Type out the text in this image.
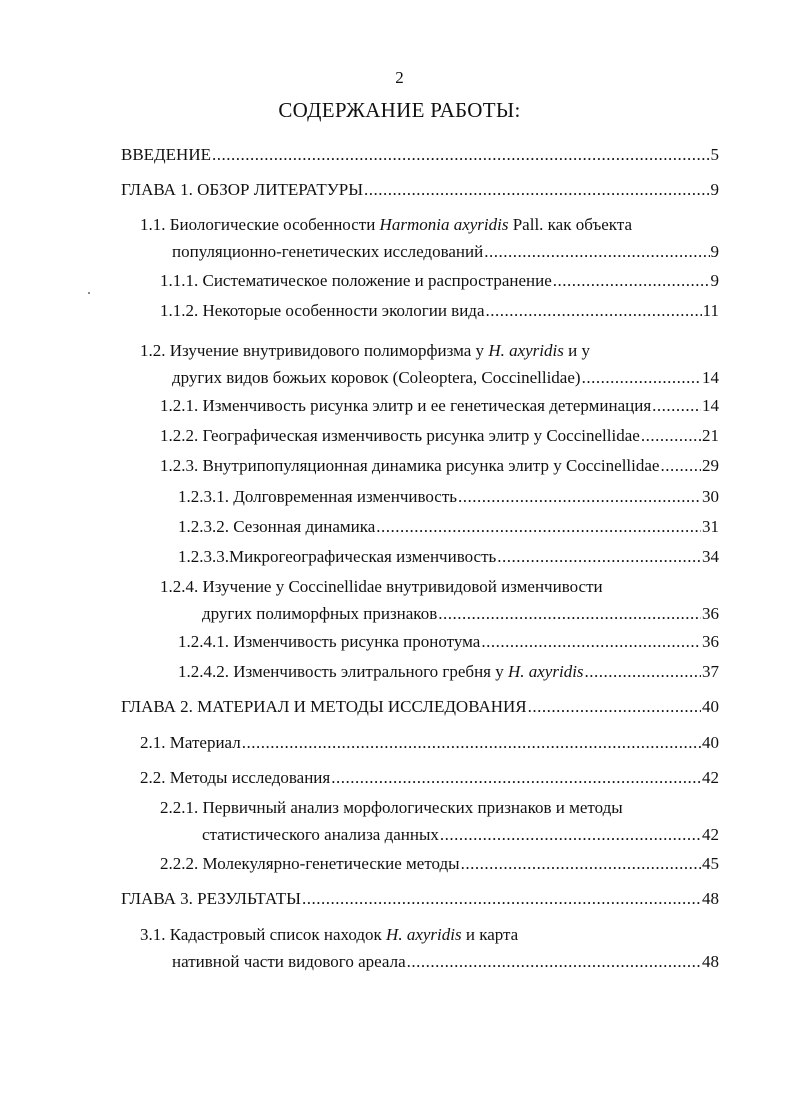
2
СОДЕРЖАНИЕ РАБОТЫ:
ВВЕДЕНИЕ .....	5
ГЛАВА 1. ОБЗОР ЛИТЕРАТУРЫ .....	9
1.1. Биологические особенности Harmonia axyridis Pall. как объекта
популяционно-генетических исследований .....	9
1.1.1. Систематическое положение и распространение .....	9
1.1.2. Некоторые особенности экологии вида .....	11
1.2. Изучение внутривидового полиморфизма у H. axyridis и у
других видов божьих коровок (Coleoptera, Coccinellidae) .....	14
1.2.1. Изменчивость рисунка элитр и ее генетическая детерминация .....	14
1.2.2. Географическая изменчивость рисунка элитр у Coccinellidae .....	21
1.2.3. Внутрипопуляционная динамика рисунка элитр у Coccinellidae .....	29
1.2.3.1. Долговременная изменчивость .....	30
1.2.3.2. Сезонная динамика .....	31
1.2.3.3.Микрогеографическая изменчивость .....	34
1.2.4. Изучение у Coccinellidae внутривидовой изменчивости
других полиморфных признаков .....	36
1.2.4.1. Изменчивость рисунка пронотума .....	36
1.2.4.2. Изменчивость элитрального гребня у H. axyridis .....	37
ГЛАВА 2. МАТЕРИАЛ И МЕТОДЫ ИССЛЕДОВАНИЯ .....	40
2.1. Материал .....	40
2.2. Методы исследования .....	42
2.2.1. Первичный анализ морфологических признаков и методы
статистического анализа данных .....	42
2.2.2. Молекулярно-генетические методы .....	45
ГЛАВА 3. РЕЗУЛЬТАТЫ .....	48
3.1. Кадастровый список находок H. axyridis и карта
нативной части видового ареала .....	48
